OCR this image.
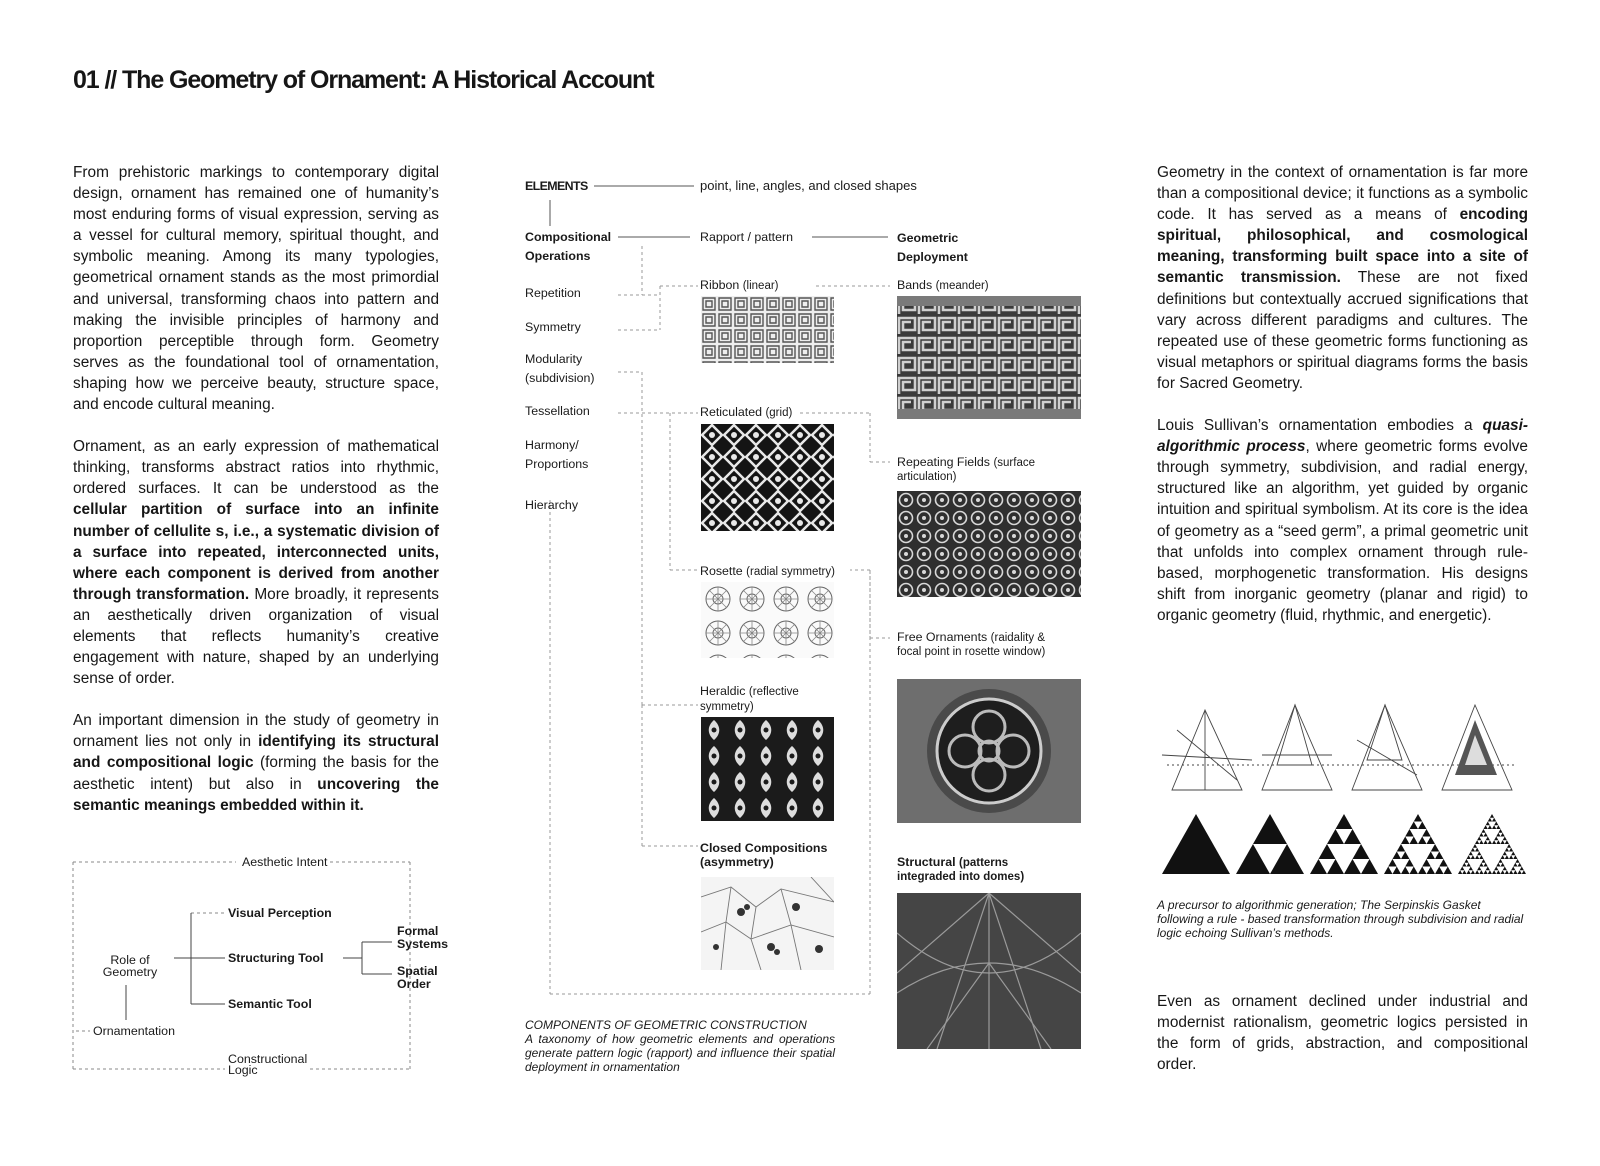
01 // The Geometry of Ornament: A Historical Account

From prehistoric markings to contemporary digital design, ornament has remained one of humanity’s most enduring forms of visual expression, serving as a vessel for cultural memory, spiritual thought, and symbolic meaning. Among its many typologies, geometrical ornament stands as the most primordial and universal, transforming chaos into pattern and making the invisible principles of harmony and proportion perceptible through form. Geometry serves as the foundational tool of ornamentation, shaping how we perceive beauty, structure space, and encode cultural meaning.

Ornament, as an early expression of mathematical thinking, transforms abstract ratios into rhythmic, ordered surfaces. It can be understood as the cellular partition of surface into an infinite number of cellulite s, i.e., a systematic division of a surface into repeated, interconnected units, where each component is derived from another through transformation. More broadly, it represents an aesthetically driven organization of visual elements that reflects humanity’s creative engagement with nature, shaped by an underlying sense of order.

An important dimension in the study of geometry in ornament lies not only in identifying its structural and compositional logic (forming the basis for the aesthetic intent) but also in uncovering the semantic meanings embedded within it.

Aesthetic Intent
Visual Perception
Structuring Tool
Semantic Tool
Role of Geometry
Ornamentation
Formal Systems
Spatial Order
Constructional Logic
ELEMENTS	point, line, angles, and closed shapes
Compositional Operations
Rapport / pattern	Geometric Deployment
Repetition
Symmetry
Modularity (subdivision)
Tessellation
Harmony/ Proportions
Hierarchy
Ribbon (linear)
Reticulated (grid)
Rosette (radial symmetry)
Heraldic (reflective symmetry)
Closed Compositions (asymmetry)
Bands (meander)
Repeating Fields (surface articulation)
Free Ornaments (raidality & focal point in rosette window)
Structural (patterns integraded into domes)
COMPONENTS OF GEOMETRIC CONSTRUCTION
A taxonomy of how geometric elements and operations generate pattern logic (rapport) and influence their spatial deployment in ornamentation

Geometry in the context of ornamentation is far more than a compositional device; it functions as a symbolic code. It has served as a means of encoding spiritual, philosophical, and cosmological meaning, transforming built space into a site of semantic transmission. These are not fixed definitions but contextually accrued significations that vary across different paradigms and cultures. The repeated use of these geometric forms functioning as visual metaphors or spiritual diagrams forms the basis for Sacred Geometry.

Louis Sullivan’s ornamentation embodies a quasi-algorithmic process, where geometric forms evolve through symmetry, subdivision, and radial energy, structured like an algorithm, yet guided by organic intuition and spiritual symbolism. At its core is the idea of geometry as a “seed germ”, a primal geometric unit that unfolds into complex ornament through rule-based, morphogenetic transformation. His designs shift from inorganic geometry (planar and rigid) to organic geometry (fluid, rhythmic, and energetic).

A precursor to algorithmic generation; The Serpinskis Gasket following a rule - based transformation through subdivision and radial logic echoing Sullivan’s methods.
Even as ornament declined under industrial and modernist rationalism, geometric logics persisted in the form of grids, abstraction, and compositional order.
